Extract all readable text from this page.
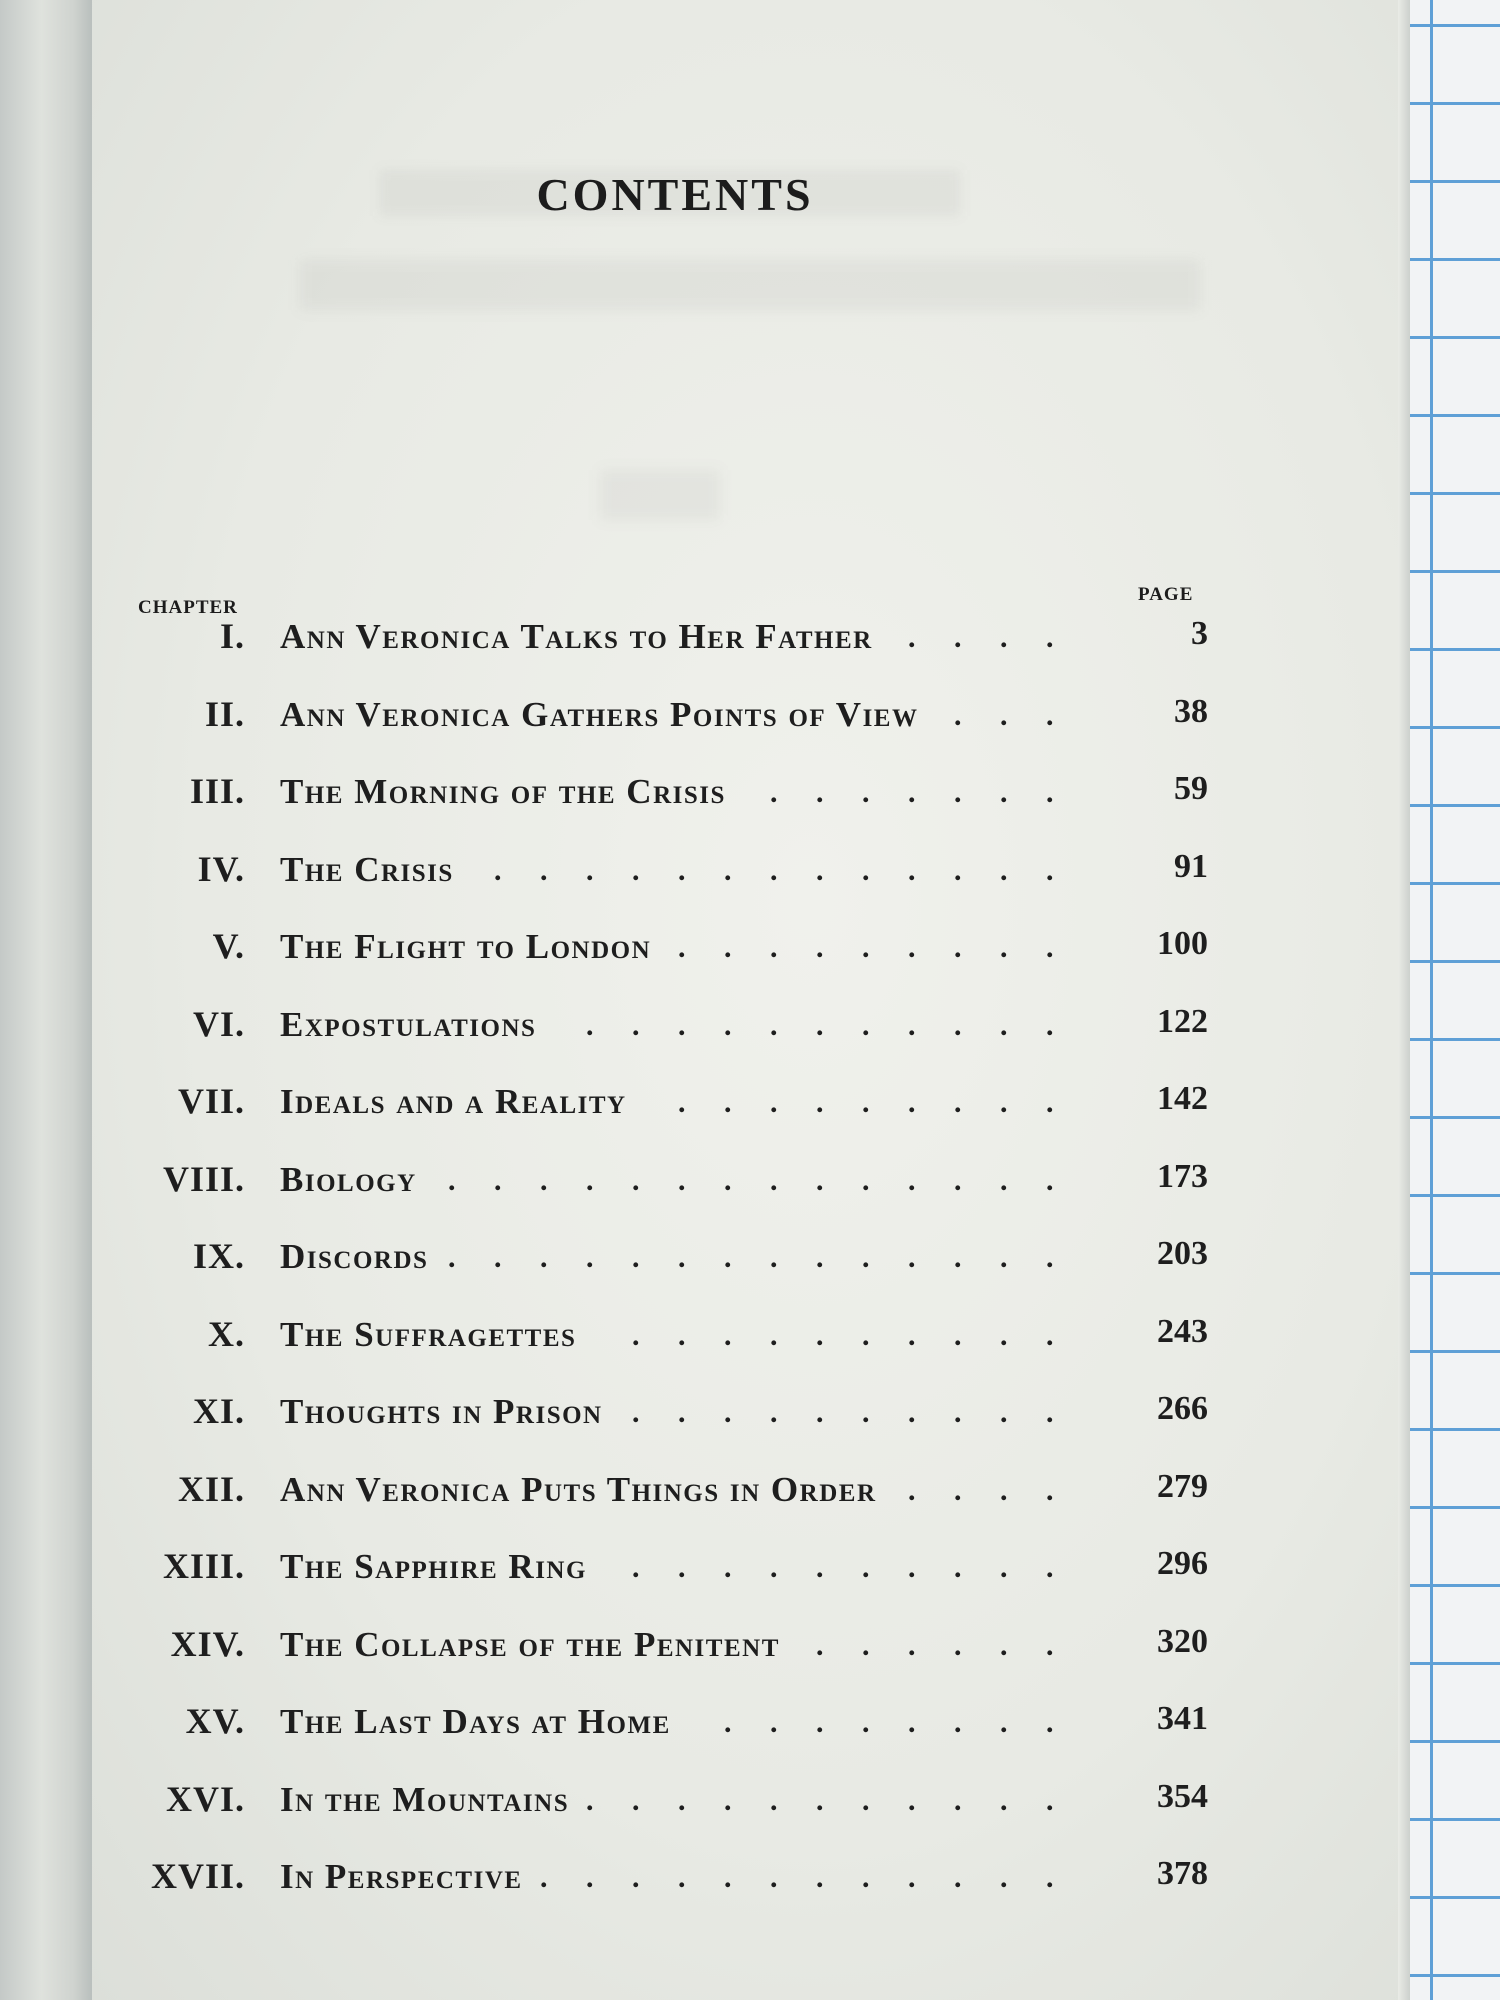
CONTENTS
CHAPTER
PAGE
I. Ann Veronica Talks to Her Father . . . .	3
II. Ann Veronica Gathers Points of View . . .	38
III. The Morning of the Crisis . . . . . . .	59
IV. The Crisis . . . . . . . . . . . . .	91
V. The Flight to London . . . . . . . . .	100
VI. Expostulations . . . . . . . . . . .	122
VII. Ideals and a Reality . . . . . . . . .	142
VIII. Biology . . . . . . . . . . . . . .	173
IX. Discords . . . . . . . . . . . . . .	203
X. The Suffragettes . . . . . . . . . .	243
XI. Thoughts in Prison . . . . . . . . . .	266
XII. Ann Veronica Puts Things in Order . . . .	279
XIII. The Sapphire Ring . . . . . . . . . .	296
XIV. The Collapse of the Penitent . . . . . .	320
XV. The Last Days at Home . . . . . . . .	341
XVI. In the Mountains . . . . . . . . . . .	354
XVII. In Perspective . . . . . . . . . . . .	378
